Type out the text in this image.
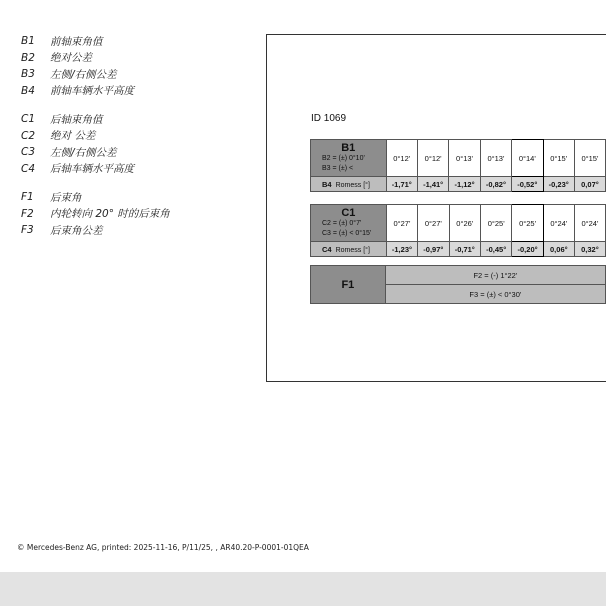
B1	前轴束角值
B2	绝对公差
B3	左侧/右侧公差
B4	前轴车辆水平高度
C1	后轴束角值
C2	绝对 公差
C3	左侧/右侧公差
C4	后轴车辆水平高度
F1	后束角
F2	内轮转向 20° 时的后束角
F3	后束角公差
ID 1069
B1
B2 = (±) 0°10'
B3 = (±) <	0°12'	0°12'	0°13'	0°13'	0°14'	0°15'	0°15'
B4 Romess [°]	-1,71°	-1,41°	-1,12°	-0,82°	-0,52°	-0,23°	0,07°
C1
C2 = (±) 0°7'
C3 = (±) < 0°15'	0°27'	0°27'	0°26'	0°25'	0°25'	0°24'	0°24'
C4 Romess [°]	-1,23°	-0,97°	-0,71°	-0,45°	-0,20°	0,06°	0,32°
F1	F2 = (-) 1°22'
F3 = (±) < 0°30'
© Mercedes-Benz AG, printed: 2025-11-16, P/11/25, , AR40.20-P-0001-01QEA
